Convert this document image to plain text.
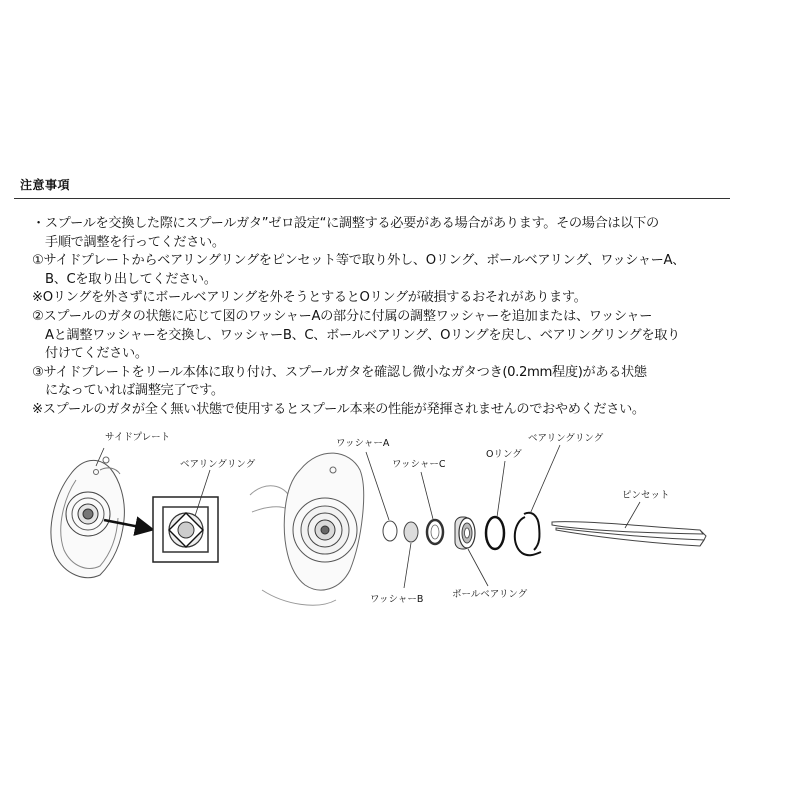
注意事項
・スプールを交換した際にスプールガタ”ゼロ設定“に調整する必要がある場合があります。その場合は以下の
手順で調整を行ってください。
①サイドプレートからベアリングリングをピンセット等で取り外し、Oリング、ボールベアリング、ワッシャーA、
B、Cを取り出してください。
※Oリングを外さずにボールベアリングを外そうとするとOリングが破損するおそれがあります。
②スプールのガタの状態に応じて図のワッシャーAの部分に付属の調整ワッシャーを追加または、ワッシャー
Aと調整ワッシャーを交換し、ワッシャーB、C、ボールベアリング、Oリングを戻し、ベアリングリングを取り
付けてください。
③サイドプレートをリール本体に取り付け、スプールガタを確認し微小なガタつき(0.2mm程度)がある状態
になっていれば調整完了です。
※スプールのガタが全く無い状態で使用するとスプール本来の性能が発揮されませんのでおやめください。
サイドプレート
ベアリングリング
ワッシャーA
ワッシャーC
Oリング
ベアリングリング
ピンセット
ワッシャーB	ボールベアリング
